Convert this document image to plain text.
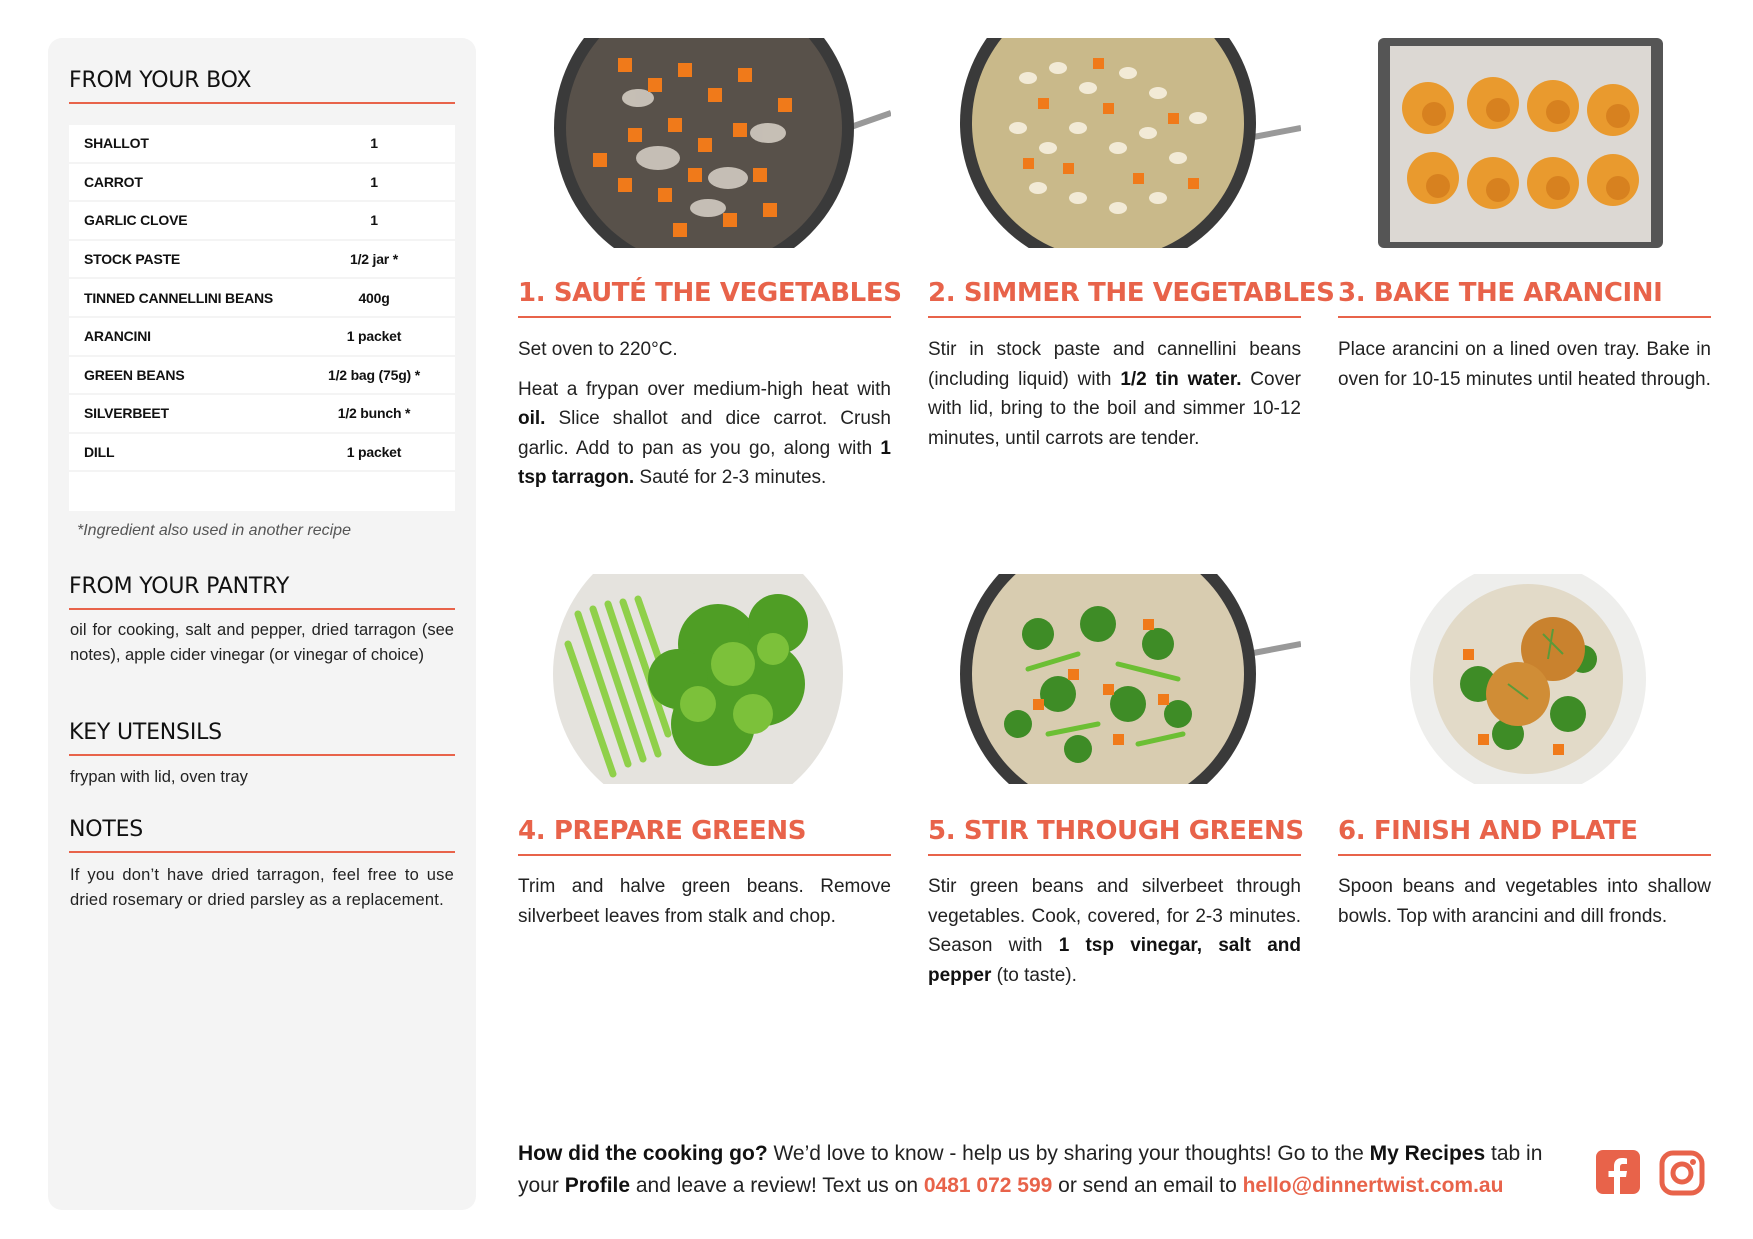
FROM YOUR BOX
SHALLOT	1
CARROT	1
GARLIC CLOVE	1
STOCK PASTE	1/2 jar *
TINNED CANNELLINI BEANS	400g
ARANCINI	1 packet
GREEN BEANS	1/2 bag (75g) *
SILVERBEET	1/2 bunch *
DILL	1 packet
*Ingredient also used in another recipe
FROM YOUR PANTRY

oil for cooking, salt and pepper, dried tarragon (see notes), apple cider vinegar (or vinegar of choice)

KEY UTENSILS

frypan with lid, oven tray

NOTES

If you don’t have dried tarragon, feel free to use dried rosemary or dried parsley as a replacement.

1. SAUTÉ THE VEGETABLES

Set oven to 220°C.

Heat a frypan over medium-high heat with oil. Slice shallot and dice carrot. Crush garlic. Add to pan as you go, along with 1 tsp tarragon. Sauté for 2-3 minutes.

2. SIMMER THE VEGETABLES

Stir in stock paste and cannellini beans (including liquid) with 1/2 tin water. Cover with lid, bring to the boil and simmer 10-12 minutes, until carrots are tender.

3. BAKE THE ARANCINI

Place arancini on a lined oven tray. Bake in oven for 10-15 minutes until heated through.

4. PREPARE GREENS

Trim and halve green beans. Remove silverbeet leaves from stalk and chop.

5. STIR THROUGH GREENS

Stir green beans and silverbeet through vegetables. Cook, covered, for 2-3 minutes. Season with 1 tsp vinegar, salt and pepper (to taste).

6. FINISH AND PLATE

Spoon beans and vegetables into shallow bowls. Top with arancini and dill fronds.

How did the cooking go? We’d love to know - help us by sharing your thoughts! Go to the My Recipes tab in your Profile and leave a review! Text us on 0481 072 599 or send an email to hello@dinnertwist.com.au
